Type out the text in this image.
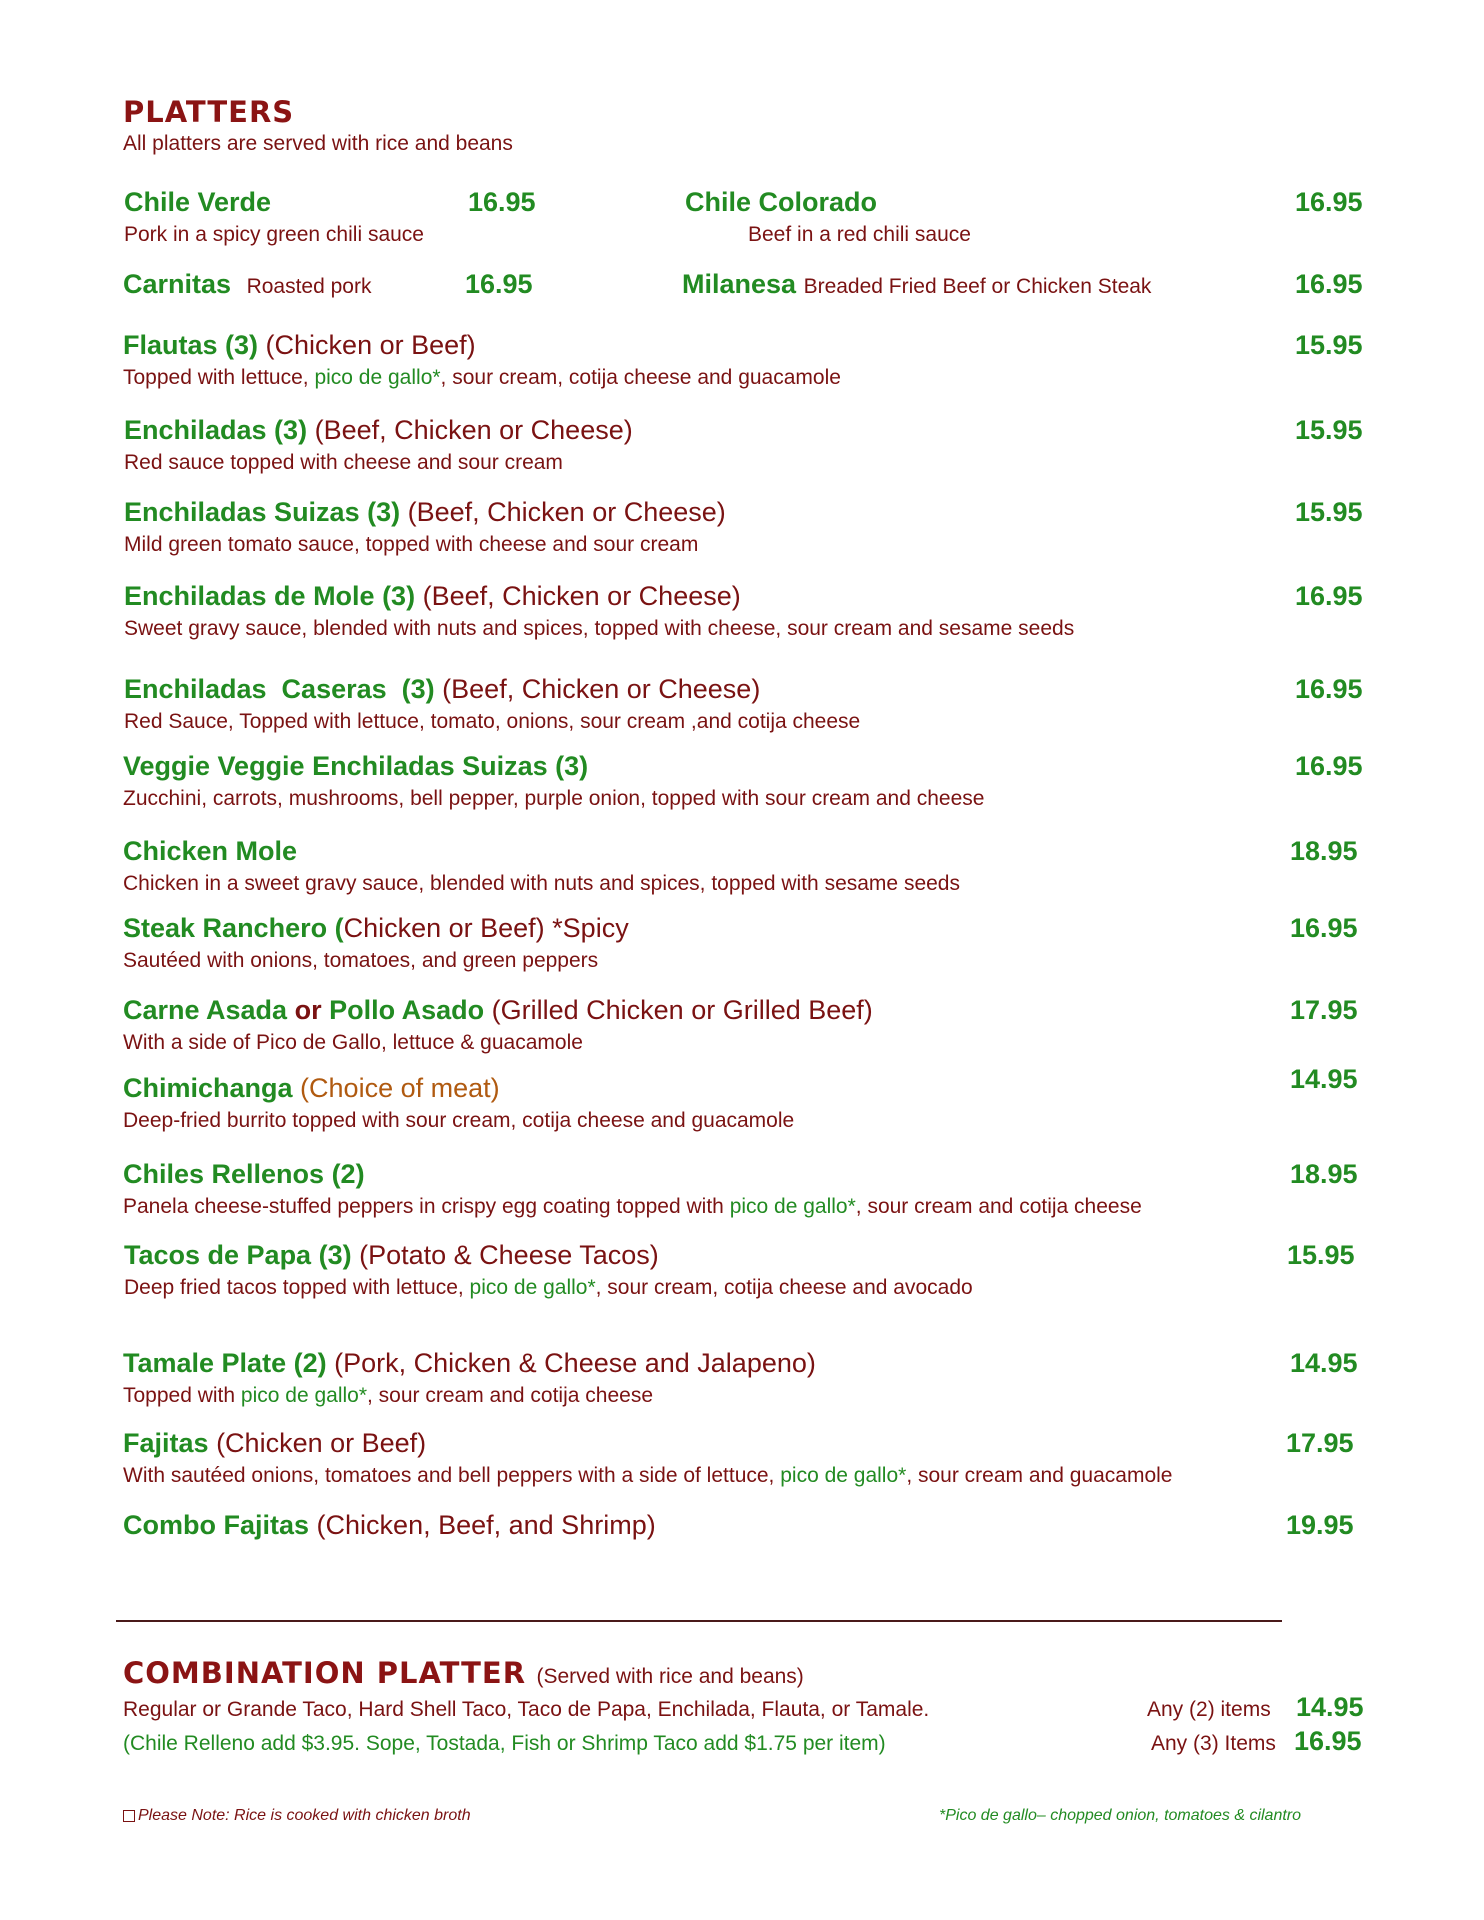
PLATTERS
All platters are served with rice and beans
Chile Verde	16.95
Pork in a spicy green chili sauce
Chile Colorado	16.95
Beef in a red chili sauce
Carnitas Roasted pork	16.95	Milanesa Breaded Fried Beef or Chicken Steak	16.95
Flautas (3) (Chicken or Beef)	15.95
Topped with lettuce, pico de gallo*, sour cream, cotija cheese and guacamole
Enchiladas (3) (Beef, Chicken or Cheese)	15.95
Red sauce topped with cheese and sour cream
Enchiladas Suizas (3) (Beef, Chicken or Cheese)	15.95
Mild green tomato sauce, topped with cheese and sour cream
Enchiladas de Mole (3) (Beef, Chicken or Cheese)	16.95
Sweet gravy sauce, blended with nuts and spices, topped with cheese, sour cream and sesame seeds
Enchiladas  Caseras  (3) (Beef, Chicken or Cheese)	16.95
Red Sauce, Topped with lettuce, tomato, onions, sour cream ,and cotija cheese
Veggie Veggie Enchiladas Suizas (3)	16.95
Zucchini, carrots, mushrooms, bell pepper, purple onion, topped with sour cream and cheese
Chicken Mole	18.95
Chicken in a sweet gravy sauce, blended with nuts and spices, topped with sesame seeds
Steak Ranchero (Chicken or Beef) *Spicy	16.95
Sautéed with onions, tomatoes, and green peppers
Carne Asada or Pollo Asado (Grilled Chicken or Grilled Beef)	17.95
With a side of Pico de Gallo, lettuce & guacamole
Chimichanga (Choice of meat)	14.95
Deep-fried burrito topped with sour cream, cotija cheese and guacamole
Chiles Rellenos (2)	18.95
Panela cheese-stuffed peppers in crispy egg coating topped with pico de gallo*, sour cream and cotija cheese
Tacos de Papa (3) (Potato & Cheese Tacos)	15.95
Deep fried tacos topped with lettuce, pico de gallo*, sour cream, cotija cheese and avocado
Tamale Plate (2) (Pork, Chicken & Cheese and Jalapeno)	14.95
Topped with pico de gallo*, sour cream and cotija cheese
Fajitas (Chicken or Beef)	17.95
With sautéed onions, tomatoes and bell peppers with a side of lettuce, pico de gallo*, sour cream and guacamole
Combo Fajitas (Chicken, Beef, and Shrimp)	19.95
COMBINATION PLATTER (Served with rice and beans)
Regular or Grande Taco, Hard Shell Taco, Taco de Papa, Enchilada, Flauta, or Tamale.
(Chile Relleno add $3.95. Sope, Tostada, Fish or Shrimp Taco add $1.75 per item)
Any (2) items 14.95
Any (3) Items 16.95
Please Note: Rice is cooked with chicken broth	*Pico de gallo– chopped onion, tomatoes & cilantro
